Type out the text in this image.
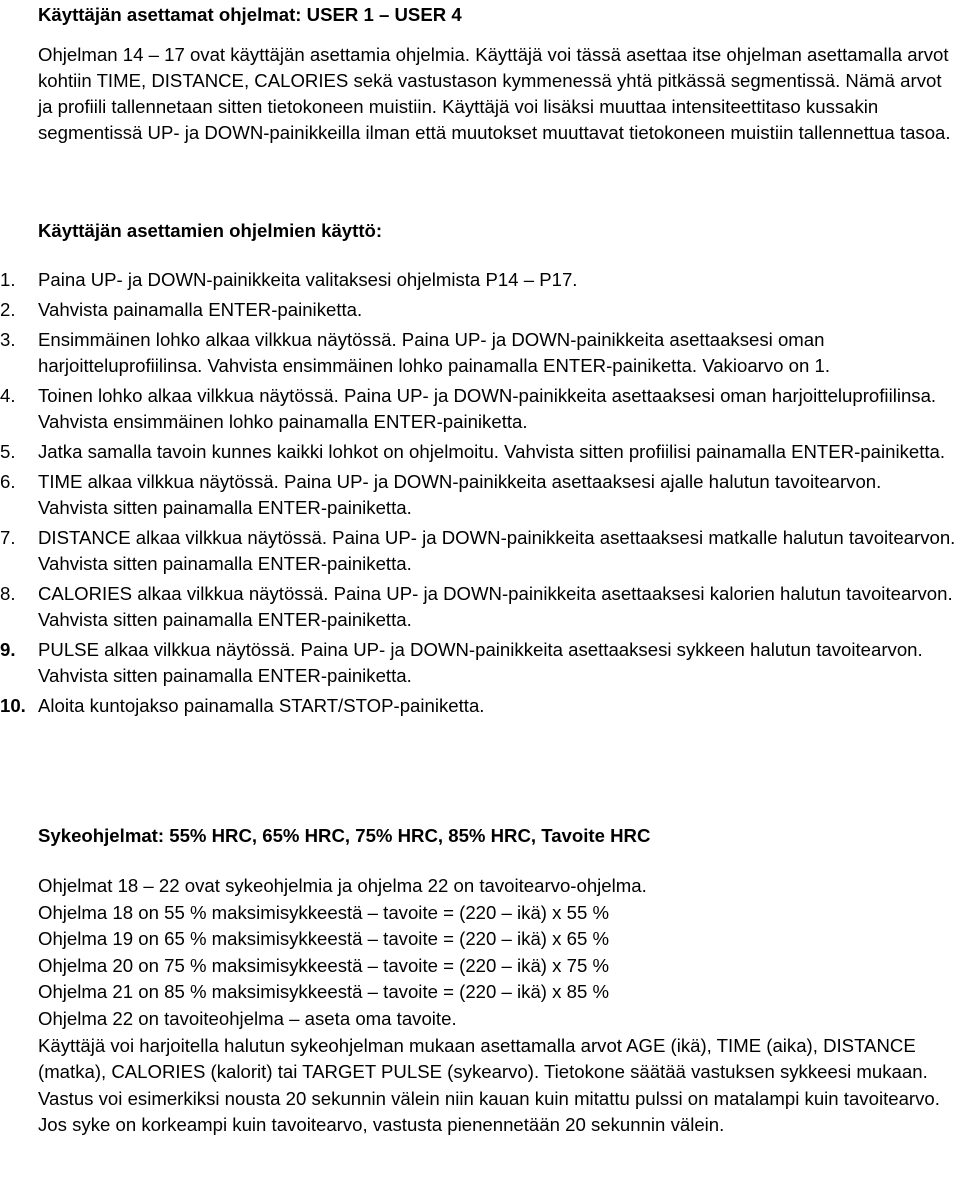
Käyttäjän asettamat ohjelmat: USER 1 – USER 4

Ohjelman 14 – 17 ovat käyttäjän asettamia ohjelmia. Käyttäjä voi tässä asettaa itse ohjelman asettamalla arvot kohtiin TIME, DISTANCE, CALORIES sekä vastustason kymmenessä yhtä pitkässä segmentissä. Nämä arvot ja profiili tallennetaan sitten tietokoneen muistiin. Käyttäjä voi lisäksi muuttaa intensiteettitaso kussakin segmentissä UP- ja DOWN-painikkeilla ilman että muutokset muuttavat tietokoneen muistiin tallennettua tasoa.

Käyttäjän asettamien ohjelmien käyttö:
1.	Paina UP- ja DOWN-painikkeita valitaksesi ohjelmista P14 – P17.
2.	Vahvista painamalla ENTER-painiketta.
3.	Ensimmäinen lohko alkaa vilkkua näytössä. Paina UP- ja DOWN-painikkeita asettaaksesi oman harjoitteluprofiilinsa. Vahvista ensimmäinen lohko painamalla ENTER-painiketta. Vakioarvo on 1.
4.	Toinen lohko alkaa vilkkua näytössä. Paina UP- ja DOWN-painikkeita asettaaksesi oman harjoitteluprofiilinsa. Vahvista ensimmäinen lohko painamalla ENTER-painiketta.
5.	Jatka samalla tavoin kunnes kaikki lohkot on ohjelmoitu. Vahvista sitten profiilisi painamalla ENTER-painiketta.
6.	TIME alkaa vilkkua näytössä. Paina UP- ja DOWN-painikkeita asettaaksesi ajalle halutun tavoitearvon. Vahvista sitten painamalla ENTER-painiketta.
7.	DISTANCE alkaa vilkkua näytössä. Paina UP- ja DOWN-painikkeita asettaaksesi matkalle halutun tavoitearvon. Vahvista sitten painamalla ENTER-painiketta.
8.	CALORIES alkaa vilkkua näytössä. Paina UP- ja DOWN-painikkeita asettaaksesi kalorien halutun tavoitearvon. Vahvista sitten painamalla ENTER-painiketta.
9.	PULSE alkaa vilkkua näytössä. Paina UP- ja DOWN-painikkeita asettaaksesi sykkeen halutun tavoitearvon. Vahvista sitten painamalla ENTER-painiketta.
10. Aloita kuntojakso painamalla START/STOP-painiketta.
Sykeohjelmat: 55% HRC, 65% HRC, 75% HRC, 85% HRC, Tavoite HRC

Ohjelmat 18 – 22 ovat sykeohjelmia ja ohjelma 22 on tavoitearvo-ohjelma.

Ohjelma 18 on 55 % maksimisykkeestä – tavoite = (220 – ikä) x 55 %

Ohjelma 19 on 65 % maksimisykkeestä – tavoite = (220 – ikä) x 65 %

Ohjelma 20 on 75 % maksimisykkeestä – tavoite = (220 – ikä) x 75 %

Ohjelma 21 on 85 % maksimisykkeestä – tavoite = (220 – ikä) x 85 %

Ohjelma 22 on tavoiteohjelma – aseta oma tavoite.

Käyttäjä voi harjoitella halutun sykeohjelman mukaan asettamalla arvot AGE (ikä), TIME (aika), DISTANCE (matka), CALORIES (kalorit) tai TARGET PULSE (sykearvo). Tietokone säätää vastuksen sykkeesi mukaan. Vastus voi esimerkiksi nousta 20 sekunnin välein niin kauan kuin mitattu pulssi on matalampi kuin tavoitearvo. Jos syke on korkeampi kuin tavoitearvo, vastusta pienennetään 20 sekunnin välein.
